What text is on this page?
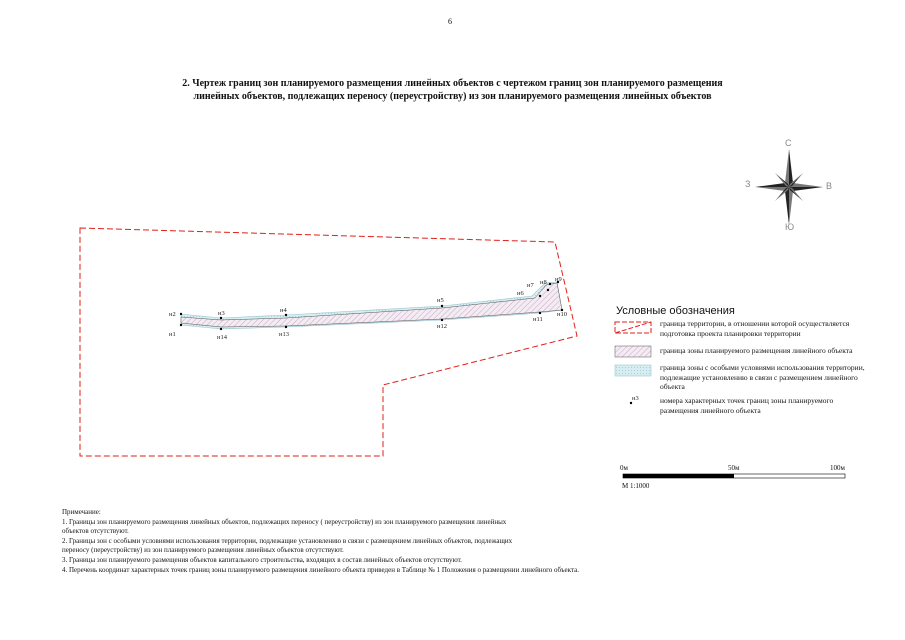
6
2. Чертеж границ зон планируемого размещения линейных объектов с чертежом границ зон планируемого размещения
линейных объектов, подлежащих переносу (переустройству) из зон планируемого размещения линейных объектов
н1
н2	н3	н4
н5
н6
н7 н8 н9
н10
н11
н12
н13
н14
н3
С
Ю
З	В
Условные обозначения
граница территории, в отношении которой осуществляется подготовка проекта планировки территории
граница зоны планируемого размещения линейного объекта
граница зоны с особыми условиями использования территории, подлежащие установлению в связи с размещением линейного объекта
номера характерных точек границ зоны планируемого размещения линейного объекта
0м	50м	100м
М 1:1000
Примечание:
1. Границы зон планируемого размещения линейных объектов, подлежащих переносу ( переустройству) из зон планируемого размещения линейных
объектов отсутствуют.
2. Границы зон с особыми условиями использования территории, подлежащие установлению в связи с размещением линейных объектов, подлежащих
переносу (переустройству) из зон планируемого размещения линейных объектов отсутствуют.
3. Границы зон планируемого размещения объектов капитального строительства, входящих в состав линейных объектов отсутствуют.
4. Перечень координат характерных точек границ зоны планируемого размещения линейного объекта приведен в Таблице № 1 Положения о размещении линейного объекта.
